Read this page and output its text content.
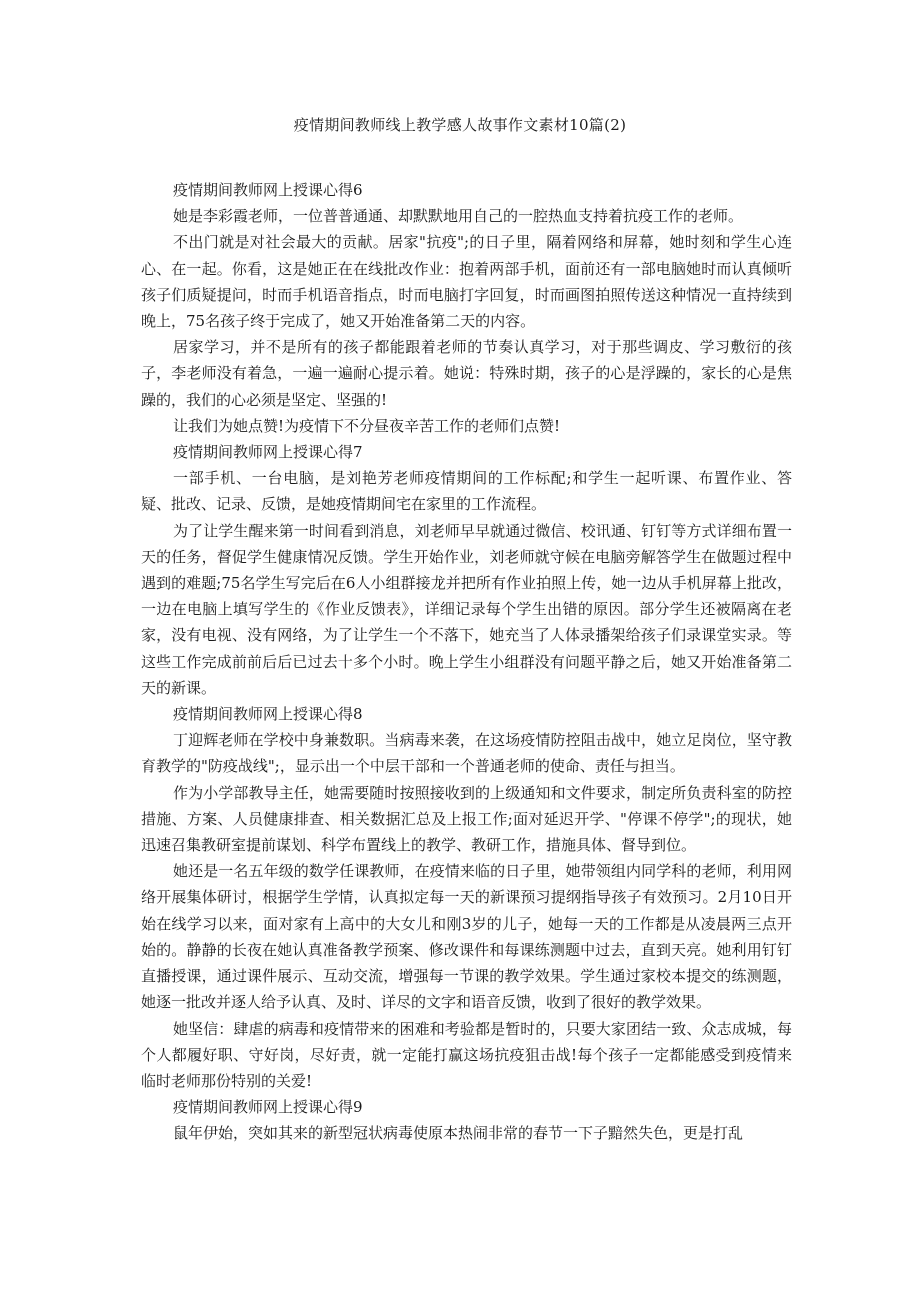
疫情期间教师线上教学感人故事作文素材10篇(2)

疫情期间教师网上授课心得6

她是李彩霞老师，一位普普通通、却默默地用自己的一腔热血支持着抗疫工作的老师。

不出门就是对社会最大的贡献。居家"抗疫";的日子里，隔着网络和屏幕，她时刻和学生心连心、在一起。你看，这是她正在在线批改作业：抱着两部手机，面前还有一部电脑她时而认真倾听孩子们质疑提问，时而手机语音指点，时而电脑打字回复，时而画图拍照传送这种情况一直持续到晚上，75名孩子终于完成了，她又开始准备第二天的内容。

居家学习，并不是所有的孩子都能跟着老师的节奏认真学习，对于那些调皮、学习敷衍的孩子，李老师没有着急，一遍一遍耐心提示着。她说：特殊时期，孩子的心是浮躁的，家长的心是焦躁的，我们的心必须是坚定、坚强的!

让我们为她点赞!为疫情下不分昼夜辛苦工作的老师们点赞!

疫情期间教师网上授课心得7

一部手机、一台电脑，是刘艳芳老师疫情期间的工作标配;和学生一起听课、布置作业、答疑、批改、记录、反馈，是她疫情期间宅在家里的工作流程。

为了让学生醒来第一时间看到消息，刘老师早早就通过微信、校讯通、钉钉等方式详细布置一天的任务，督促学生健康情况反馈。学生开始作业，刘老师就守候在电脑旁解答学生在做题过程中遇到的难题;75名学生写完后在6人小组群接龙并把所有作业拍照上传，她一边从手机屏幕上批改，一边在电脑上填写学生的《作业反馈表》，详细记录每个学生出错的原因。部分学生还被隔离在老家，没有电视、没有网络，为了让学生一个不落下，她充当了人体录播架给孩子们录课堂实录。等这些工作完成前前后后已过去十多个小时。晚上学生小组群没有问题平静之后，她又开始准备第二天的新课。

疫情期间教师网上授课心得8

丁迎辉老师在学校中身兼数职。当病毒来袭，在这场疫情防控阻击战中，她立足岗位，坚守教育教学的"防疫战线";，显示出一个中层干部和一个普通老师的使命、责任与担当。

作为小学部教导主任，她需要随时按照接收到的上级通知和文件要求，制定所负责科室的防控措施、方案、人员健康排查、相关数据汇总及上报工作;面对延迟开学、"停课不停学";的现状，她迅速召集教研室提前谋划、科学布置线上的教学、教研工作，措施具体、督导到位。

她还是一名五年级的数学任课教师，在疫情来临的日子里，她带领组内同学科的老师，利用网络开展集体研讨，根据学生学情，认真拟定每一天的新课预习提纲指导孩子有效预习。2月10日开始在线学习以来，面对家有上高中的大女儿和刚3岁的儿子，她每一天的工作都是从凌晨两三点开始的。静静的长夜在她认真准备教学预案、修改课件和每课练测题中过去，直到天亮。她利用钉钉直播授课，通过课件展示、互动交流，增强每一节课的教学效果。学生通过家校本提交的练测题，她逐一批改并逐人给予认真、及时、详尽的文字和语音反馈，收到了很好的教学效果。

她坚信：肆虐的病毒和疫情带来的困难和考验都是暂时的，只要大家团结一致、众志成城，每个人都履好职、守好岗，尽好责，就一定能打赢这场抗疫狙击战!每个孩子一定都能感受到疫情来临时老师那份特别的关爱!

疫情期间教师网上授课心得9

鼠年伊始，突如其来的新型冠状病毒使原本热闹非常的春节一下子黯然失色，更是打乱
